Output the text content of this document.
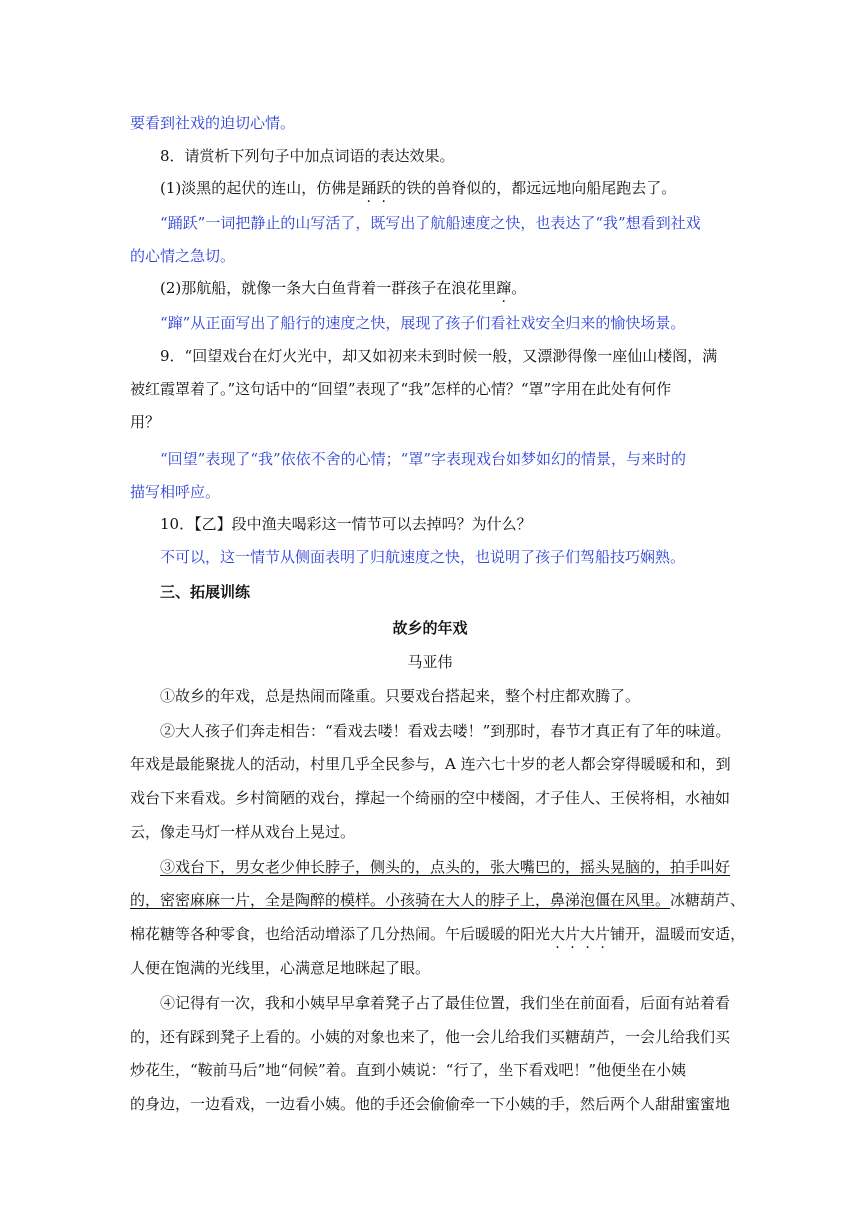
要看到社戏的迫切心情。
8．请赏析下列句子中加点词语的表达效果。
(1)淡黑的起伏的连山，仿佛是踊跃的铁的兽脊似的，都远远地向船尾跑去了。
“踊跃”一词把静止的山写活了，既写出了航船速度之快，也表达了“我”想看到社戏
的心情之急切。
(2)那航船，就像一条大白鱼背着一群孩子在浪花里蹿。
“蹿”从正面写出了船行的速度之快，展现了孩子们看社戏安全归来的愉快场景。
9．“回望戏台在灯火光中，却又如初来未到时候一般，又漂渺得像一座仙山楼阁，满
被红霞罩着了。”这句话中的“回望”表现了“我”怎样的心情？“罩”字用在此处有何作
用？
“回望”表现了“我”依依不舍的心情；“罩”字表现戏台如梦如幻的情景，与来时的
描写相呼应。
10．【乙】段中渔夫喝彩这一情节可以去掉吗？为什么？
不可以，这一情节从侧面表明了归航速度之快，也说明了孩子们驾船技巧娴熟。
三、拓展训练
故乡的年戏
马亚伟
①故乡的年戏，总是热闹而隆重。只要戏台搭起来，整个村庄都欢腾了。
②大人孩子们奔走相告：“看戏去喽！看戏去喽！”到那时，春节才真正有了年的味道。
年戏是最能聚拢人的活动，村里几乎全民参与，A 连六七十岁的老人都会穿得暖暖和和，到
戏台下来看戏。乡村简陋的戏台，撑起一个绮丽的空中楼阁，才子佳人、王侯将相，水袖如
云，像走马灯一样从戏台上晃过。
③戏台下，男女老少伸长脖子，侧头的，点头的，张大嘴巴的，摇头晃脑的，拍手叫好
的，密密麻麻一片，全是陶醉的模样。小孩骑在大人的脖子上，鼻涕泡僵在风里。冰糖葫芦、
棉花糖等各种零食，也给活动增添了几分热闹。午后暖暖的阳光大片大片铺开，温暖而安适，
人便在饱满的光线里，心满意足地眯起了眼。
④记得有一次，我和小姨早早拿着凳子占了最佳位置，我们坐在前面看，后面有站着看
的，还有踩到凳子上看的。小姨的对象也来了，他一会儿给我们买糖葫芦，一会儿给我们买
炒花生，“鞍前马后”地“伺候”着。直到小姨说：“行了，坐下看戏吧！”他便坐在小姨
的身边，一边看戏，一边看小姨。他的手还会偷偷牵一下小姨的手，然后两个人甜甜蜜蜜地
